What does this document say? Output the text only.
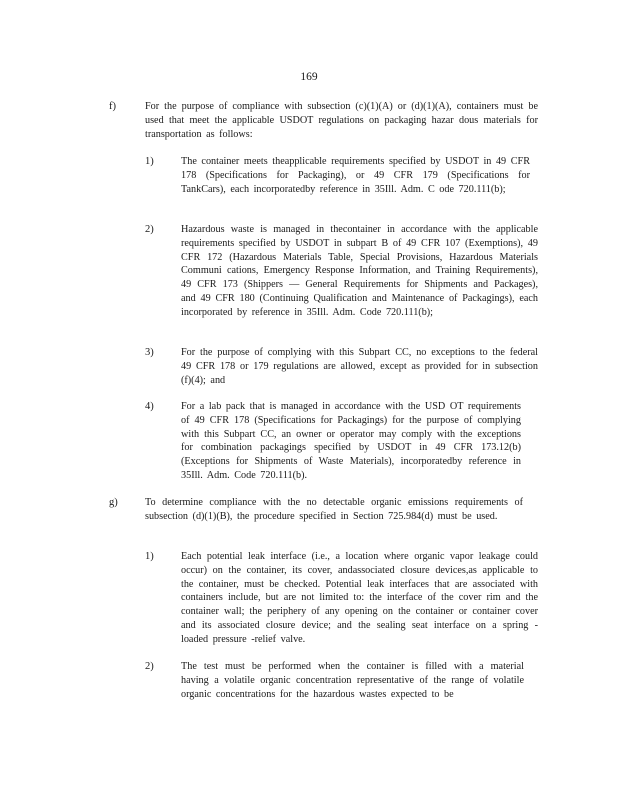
169
f)	For the purpose of compliance with subsection (c)(1)(A) or (d)(1)(A), containers must be used that meet the applicable USDOT regulations on packaging hazar dous materials for transportation as follows:
1)	The container meets theapplicable requirements specified by USDOT in 49 CFR 178 (Specifications for Packaging), or 49 CFR 179 (Specifications for TankCars), each incorporatedby reference in 35Ill. Adm. C ode 720.111(b);
2)	Hazardous waste is managed in thecontainer in accordance with the applicable requirements specified by USDOT in subpart B of 49 CFR 107 (Exemptions), 49 CFR 172 (Hazardous Materials Table, Special Provisions, Hazardous Materials Communi cations, Emergency Response Information, and Training Requirements), 49 CFR 173 (Shippers — General Requirements for Shipments and Packages), and 49 CFR 180 (Continuing Qualification and Maintenance of Packagings), each incorporated by reference in 35Ill. Adm. Code 720.111(b);
3)	For the purpose of complying with this Subpart CC, no exceptions to the federal 49 CFR 178 or 179 regulations are allowed, except as provided for in subsection (f)(4); and
4)	For a lab pack that is managed in accordance with the USD OT requirements of 49 CFR 178 (Specifications for Packagings) for the purpose of complying with this Subpart CC, an owner or operator may comply with the exceptions for combination packagings specified by USDOT in 49 CFR 173.12(b) (Exceptions for Shipments of Waste Materials), incorporatedby reference in 35Ill. Adm. Code 720.111(b).
g)	To determine compliance with the no detectable organic emissions requirements of subsection (d)(1)(B), the procedure specified in Section 725.984(d) must be used.
1)	Each potential leak interface (i.e., a location where organic vapor leakage could occur) on the container, its cover, andassociated closure devices,as applicable to the container, must be checked. Potential leak interfaces that are associated with containers include, but are not limited to: the interface of the cover rim and the container wall; the periphery of any opening on the container or container cover and its associated closure device; and the sealing seat interface on a spring -loaded pressure -relief valve.
2)	The test must be performed when the container is filled with a material having a volatile organic concentration representative of the range of volatile organic concentrations for the hazardous wastes expected to be
